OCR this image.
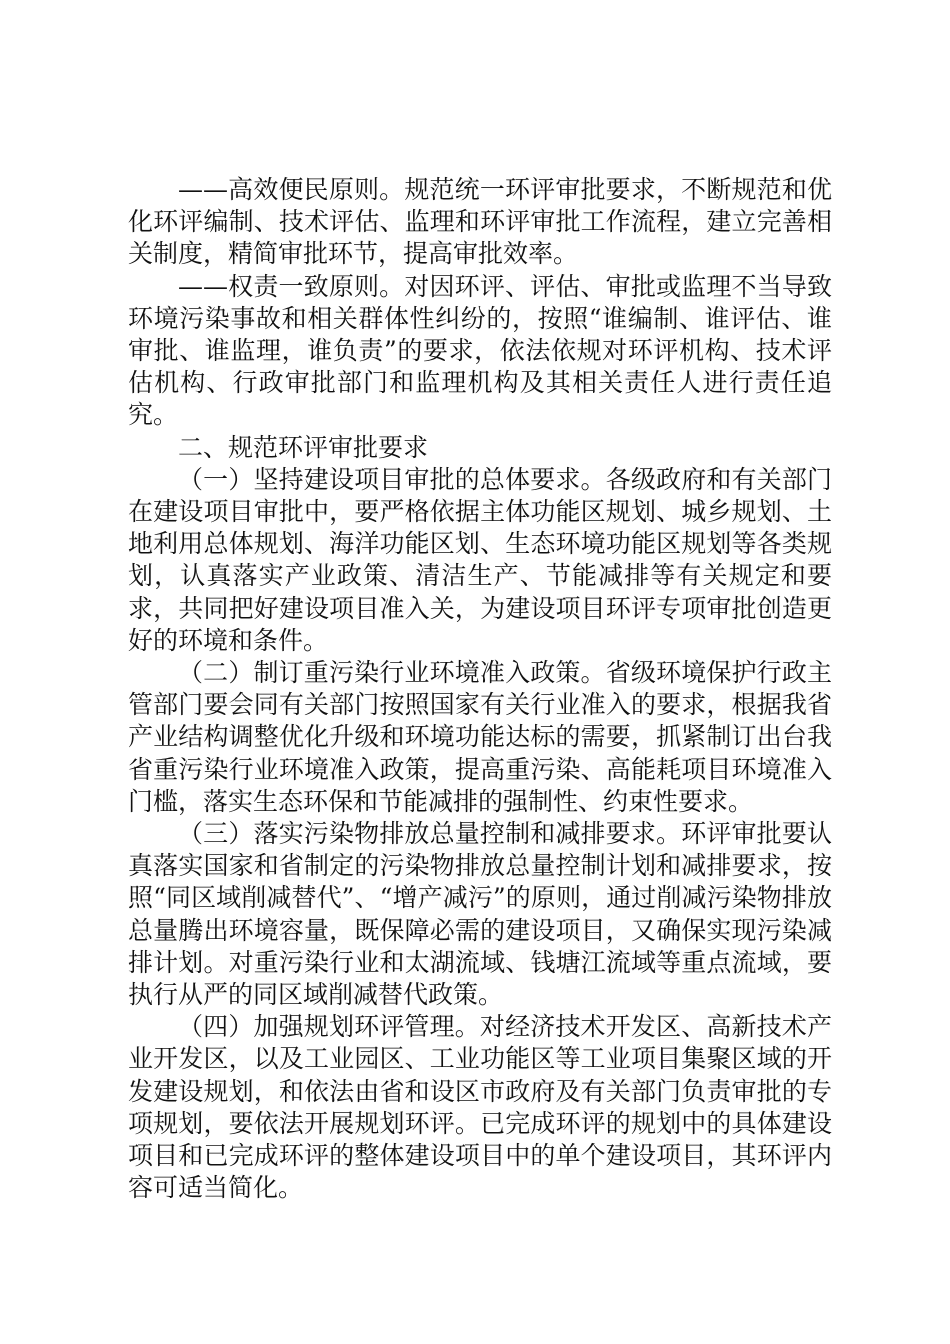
——高效便民原则。规范统一环评审批要求，不断规范和优化环评编制、技术评估、监理和环评审批工作流程，建立完善相关制度，精简审批环节，提高审批效率。

——权责一致原则。对因环评、评估、审批或监理不当导致环境污染事故和相关群体性纠纷的，按照“谁编制、谁评估、谁审批、谁监理，谁负责”的要求，依法依规对环评机构、技术评估机构、行政审批部门和监理机构及其相关责任人进行责任追究。

二、规范环评审批要求

（一）坚持建设项目审批的总体要求。各级政府和有关部门在建设项目审批中，要严格依据主体功能区规划、城乡规划、土地利用总体规划、海洋功能区划、生态环境功能区规划等各类规划，认真落实产业政策、清洁生产、节能减排等有关规定和要求，共同把好建设项目准入关，为建设项目环评专项审批创造更好的环境和条件。

（二）制订重污染行业环境准入政策。省级环境保护行政主管部门要会同有关部门按照国家有关行业准入的要求，根据我省产业结构调整优化升级和环境功能达标的需要，抓紧制订出台我省重污染行业环境准入政策，提高重污染、高能耗项目环境准入门槛，落实生态环保和节能减排的强制性、约束性要求。

（三）落实污染物排放总量控制和减排要求。环评审批要认真落实国家和省制定的污染物排放总量控制计划和减排要求，按照“同区域削减替代”、“增产减污”的原则，通过削减污染物排放总量腾出环境容量，既保障必需的建设项目，又确保实现污染减排计划。对重污染行业和太湖流域、钱塘江流域等重点流域，要执行从严的同区域削减替代政策。

（四）加强规划环评管理。对经济技术开发区、高新技术产业开发区，以及工业园区、工业功能区等工业项目集聚区域的开发建设规划，和依法由省和设区市政府及有关部门负责审批的专项规划，要依法开展规划环评。已完成环评的规划中的具体建设项目和已完成环评的整体建设项目中的单个建设项目，其环评内容可适当简化。
